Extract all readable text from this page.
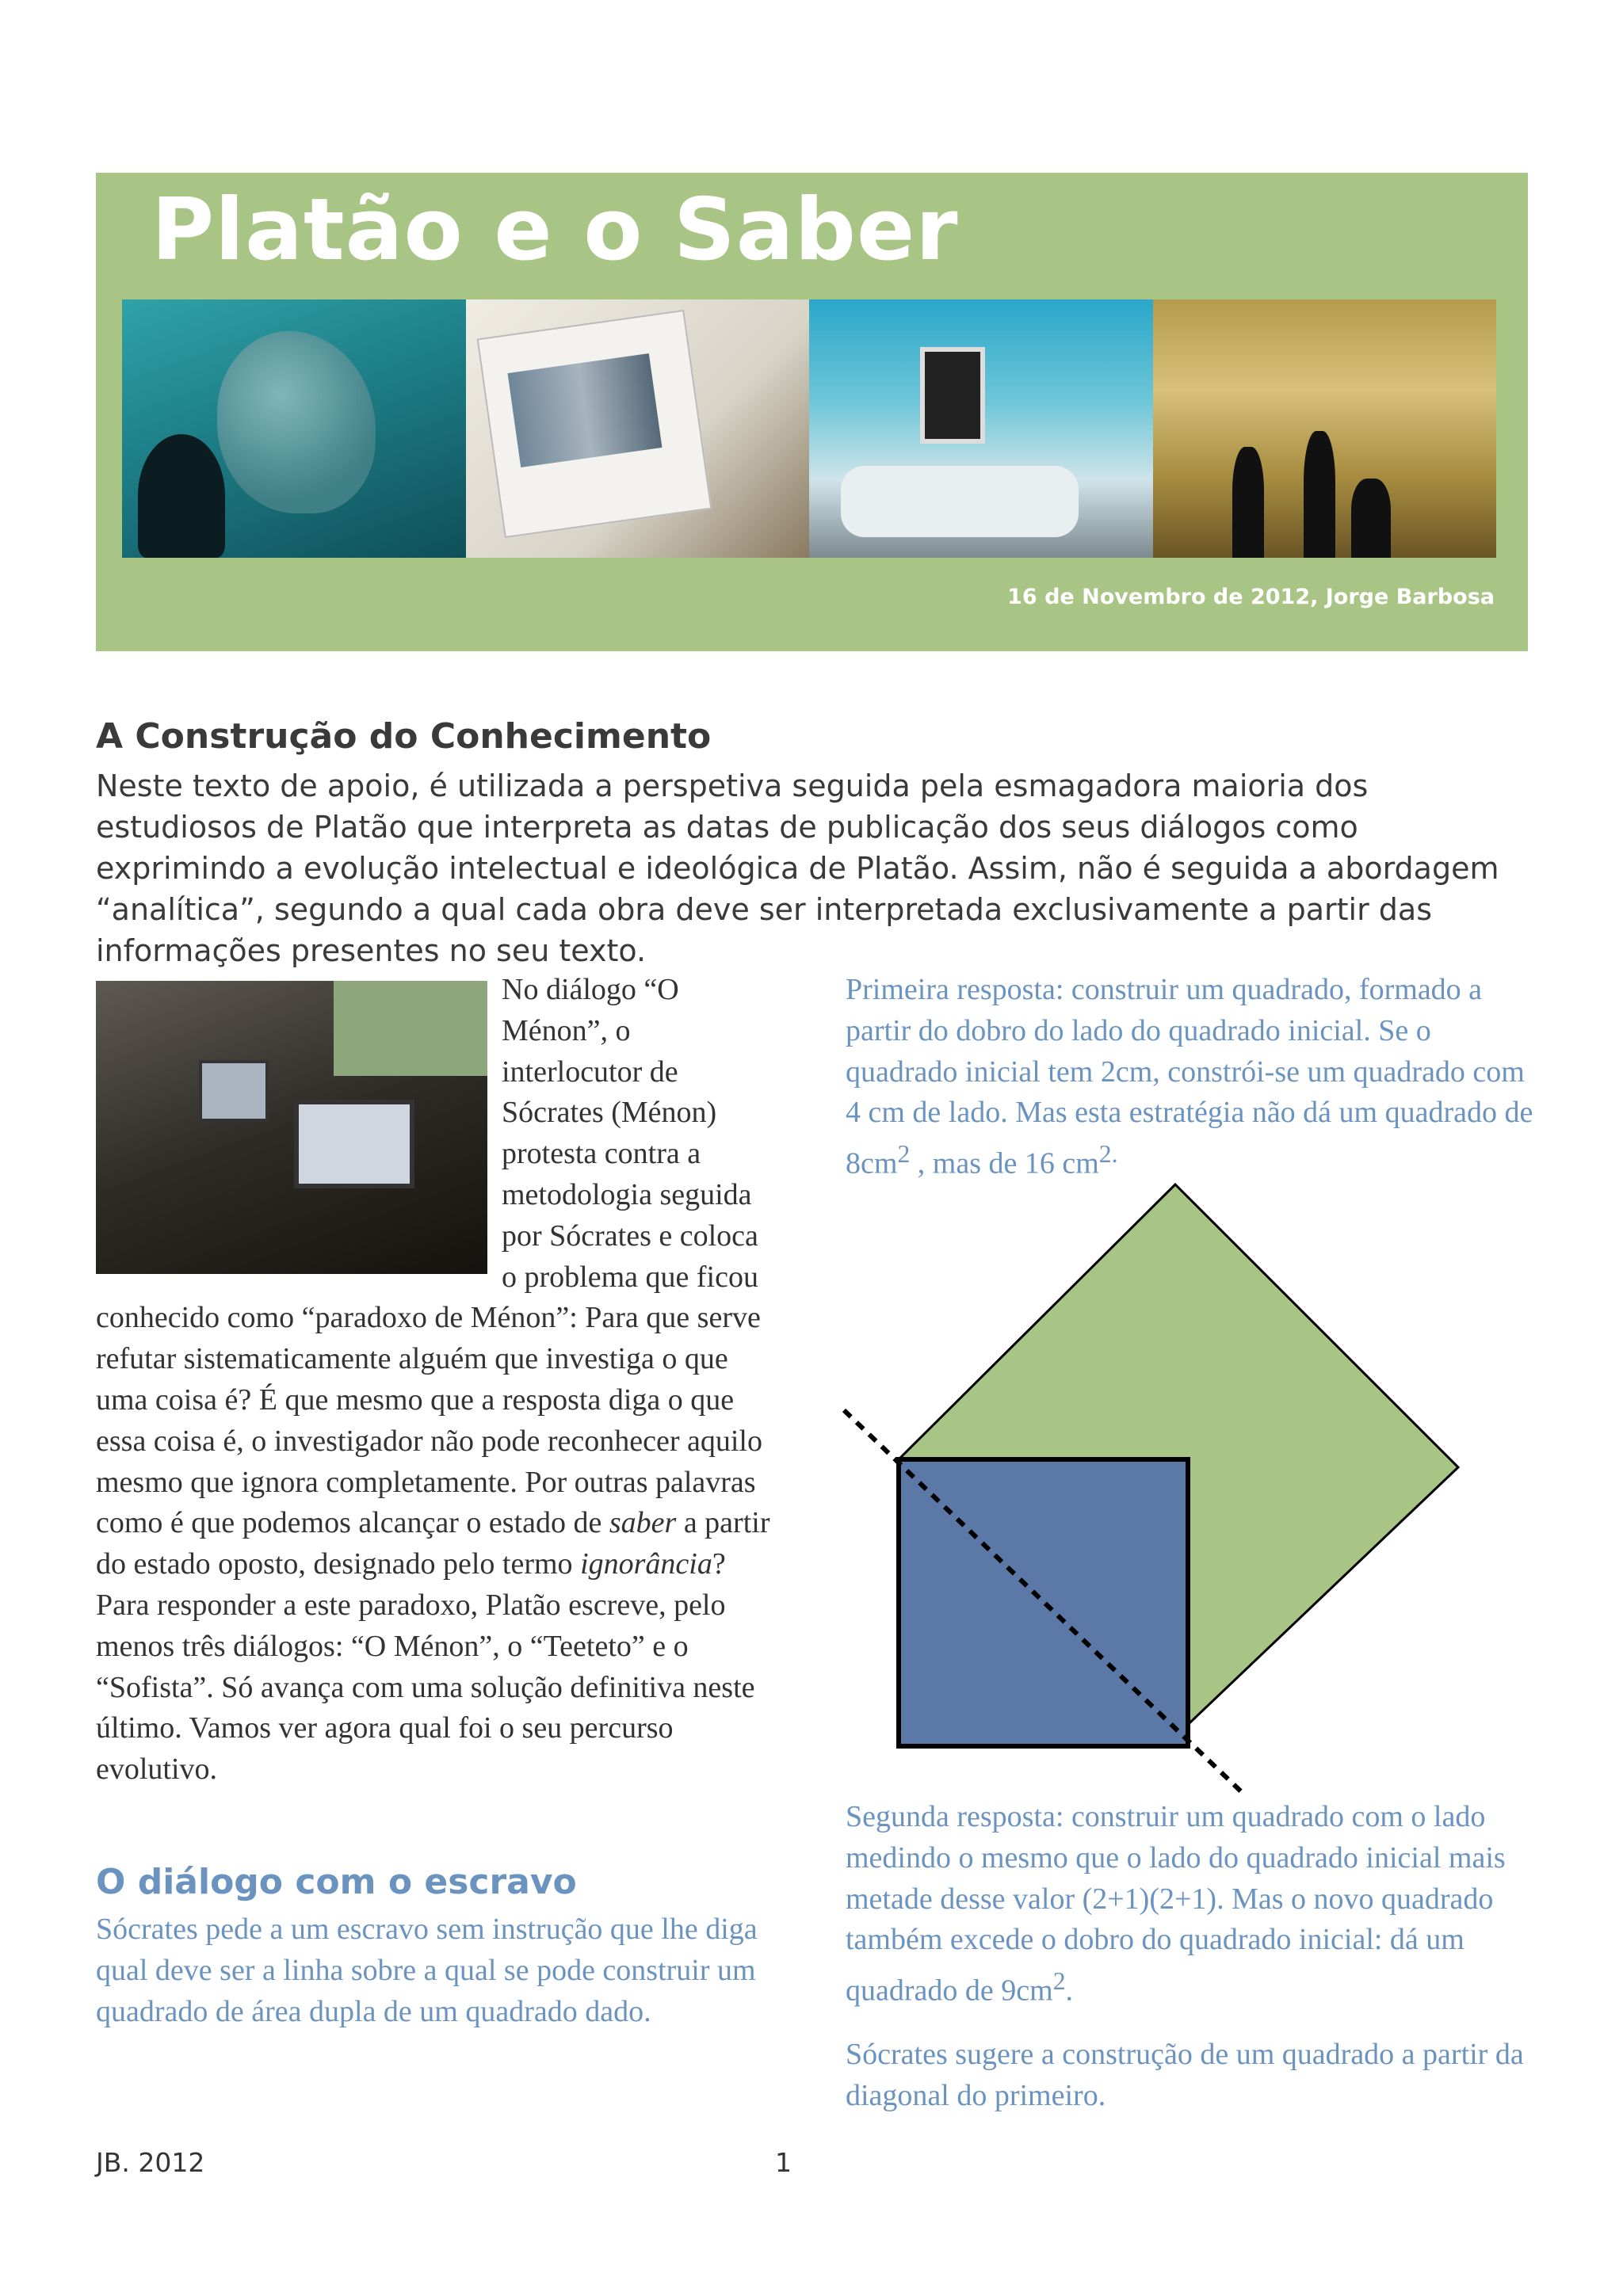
Platão e o Saber
16 de Novembro de 2012, Jorge Barbosa
A Construção do Conhecimento

Neste texto de apoio, é utilizada a perspetiva seguida pela esmagadora maioria dos estudiosos de Platão que interpreta as datas de publicação dos seus diálogos como exprimindo a evolução intelectual e ideológica de Platão. Assim, não é seguida a abordagem “analítica”, segundo a qual cada obra deve ser interpretada exclusivamente a partir das informações presentes no seu texto.

No diálogo “O Ménon”, o interlocutor de Sócrates (Ménon) protesta contra a metodologia seguida por Sócrates e coloca o problema que ficou conhecido como “paradoxo de Ménon”: Para que serve refutar sistematicamente alguém que investiga o que uma coisa é? É que mesmo que a resposta diga o que essa coisa é, o investigador não pode reconhecer aquilo mesmo que ignora completamente. Por outras palavras como é que podemos alcançar o estado de saber a partir do estado oposto, designado pelo termo ignorância? Para responder a este paradoxo, Platão escreve, pelo menos três diálogos: “O Ménon”, o “Teeteto” e o “Sofista”. Só avança com uma solução definitiva neste último. Vamos ver agora qual foi o seu percurso evolutivo.

O diálogo com o escravo

Sócrates pede a um escravo sem instrução que lhe diga qual deve ser a linha sobre a qual se pode construir um quadrado de área dupla de um quadrado dado.

Primeira resposta: construir um quadrado, formado a partir do dobro do lado do quadrado inicial. Se o quadrado inicial tem 2cm, constrói-se um quadrado com 4 cm de lado. Mas esta estratégia não dá um quadrado de $8cm^2$ , mas de 16 $cm^{2.}$

Segunda resposta: construir um quadrado com o lado medindo o mesmo que o lado do quadrado inicial mais metade desse valor (2+1)(2+1). Mas o novo quadrado também excede o dobro do quadrado inicial: dá um quadrado de $9cm^2$.

Sócrates sugere a construção de um quadrado a partir da diagonal do primeiro.

JB. 2012	1
